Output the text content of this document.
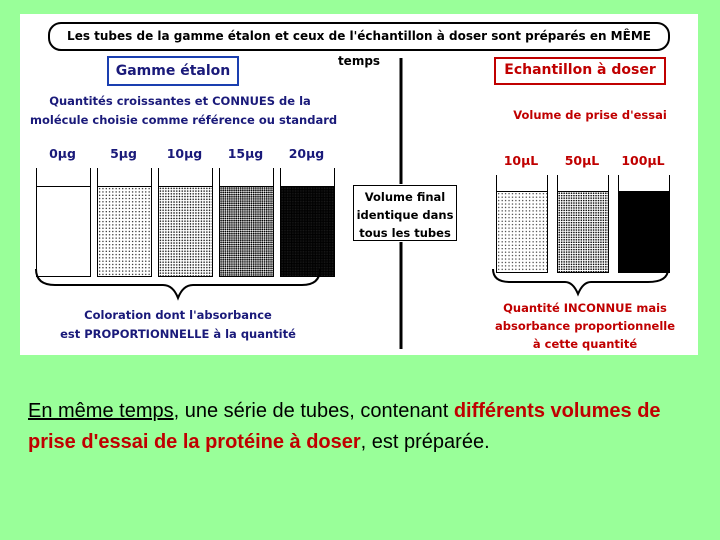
Les tubes de la gamme étalon et ceux de l'échantillon à doser sont préparés en MÊME temps
Gamme étalon
Quantités croissantes et CONNUES de la
molécule choisie comme référence ou standard
0µg	5µg	10µg	15µg	20µg
Coloration dont l'absorbance
est PROPORTIONNELLE à la quantité
Volume final
identique dans
tous les tubes
Echantillon à doser
Volume de prise d'essai
10µL	50µL	100µL
Quantité INCONNUE mais
absorbance proportionnelle
à cette quantité
En même temps, une série de tubes, contenant différents volumes de prise d'essai de la protéine à doser, est préparée.
